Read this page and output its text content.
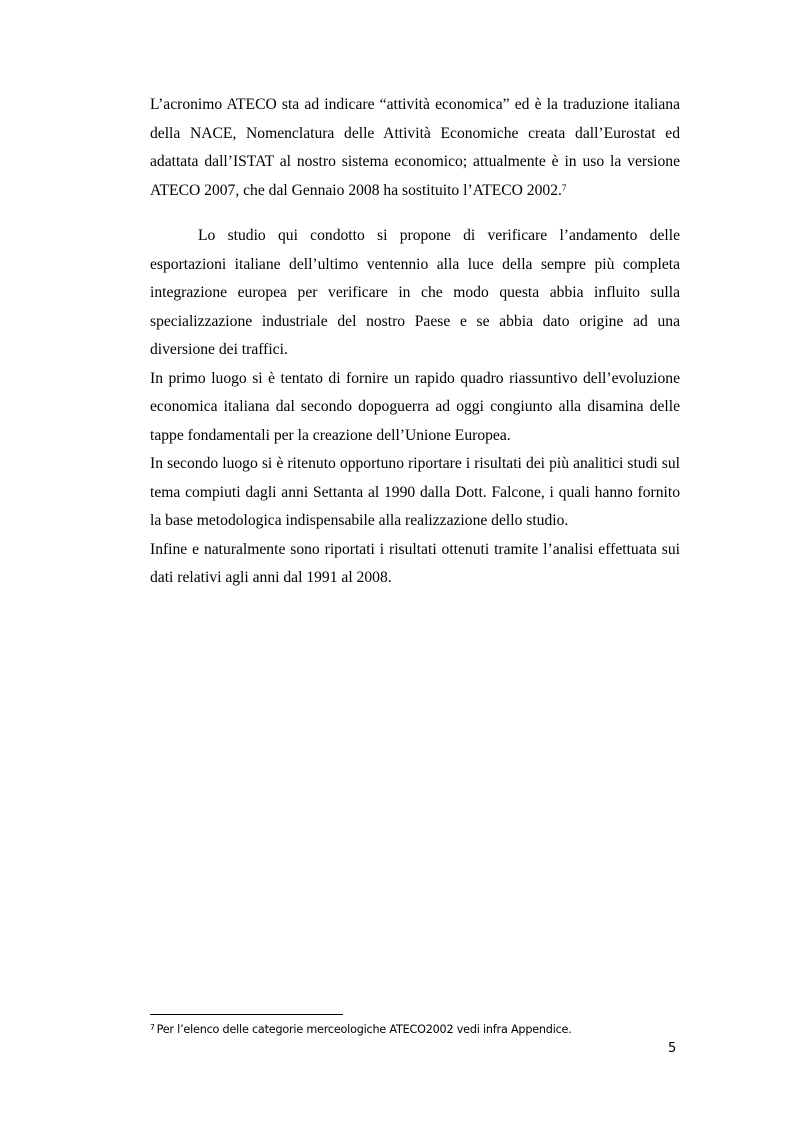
L’acronimo ATECO sta ad indicare “attività economica” ed è la traduzione italiana della NACE, Nomenclatura delle Attività Economiche creata dall’Eurostat ed adattata dall’ISTAT al nostro sistema economico; attualmente è in uso la versione ATECO 2007, che dal Gennaio 2008 ha sostituito l’ATECO 2002.$^7$

Lo studio qui condotto si propone di verificare l’andamento delle esportazioni italiane dell’ultimo ventennio alla luce della sempre più completa integrazione europea per verificare in che modo questa abbia influito sulla specializzazione industriale del nostro Paese e se abbia dato origine ad una diversione dei traffici.

In primo luogo si è tentato di fornire un rapido quadro riassuntivo dell’evoluzione economica italiana dal secondo dopoguerra ad oggi congiunto alla disamina delle tappe fondamentali per la creazione dell’Unione Europea.

In secondo luogo si è ritenuto opportuno riportare i risultati dei più analitici studi sul tema compiuti dagli anni Settanta al 1990 dalla Dott. Falcone, i quali hanno fornito la base metodologica indispensabile alla realizzazione dello studio.

Infine e naturalmente sono riportati i risultati ottenuti tramite l’analisi effettuata sui dati relativi agli anni dal 1991 al 2008.

$^7$ Per l’elenco delle categorie merceologiche ATECO2002 vedi infra Appendice.
5
